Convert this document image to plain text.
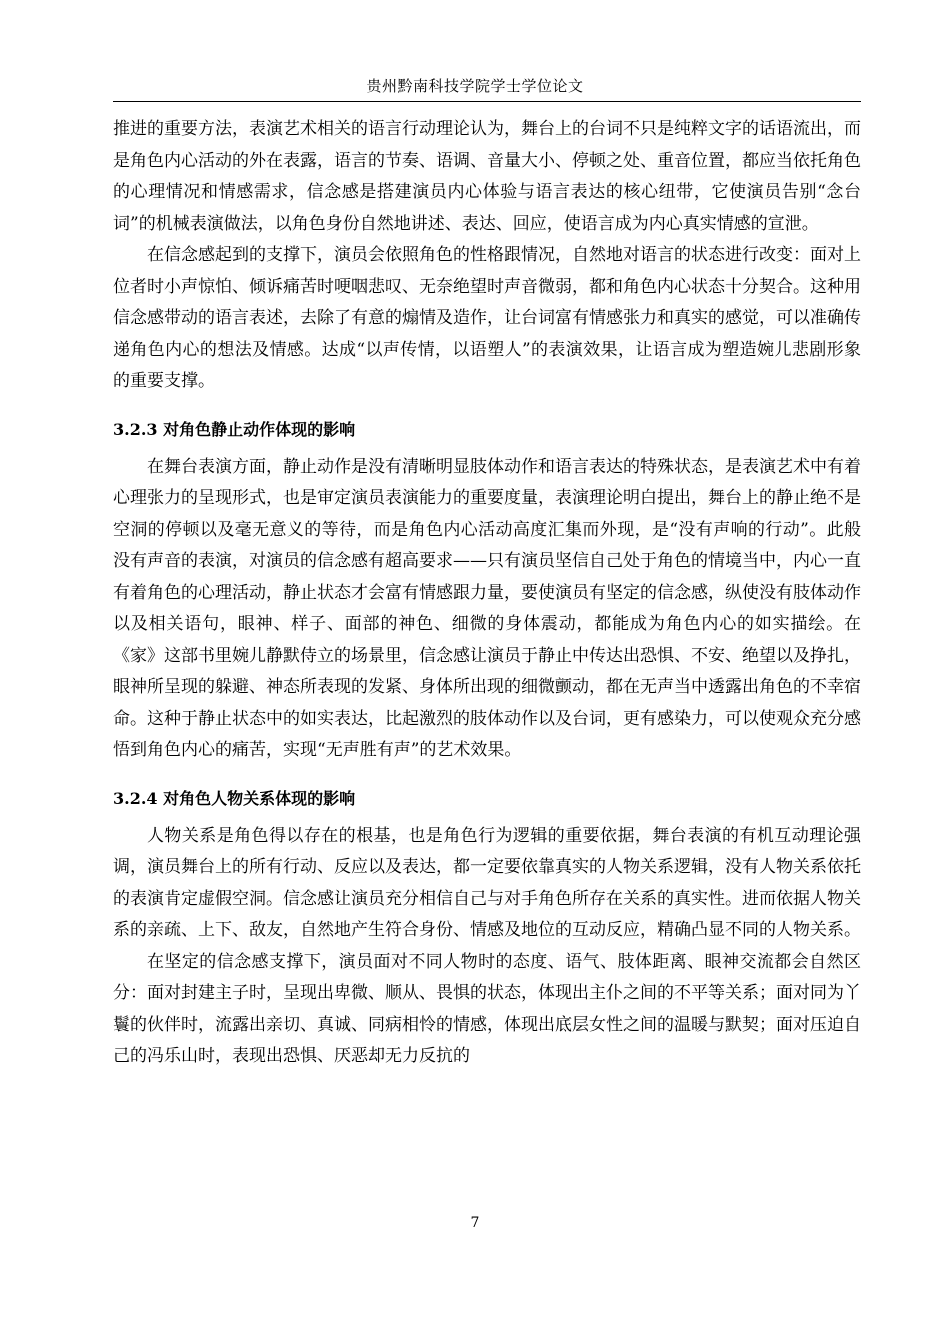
贵州黔南科技学院学士学位论文

推进的重要方法，表演艺术相关的语言行动理论认为，舞台上的台词不只是纯粹文字的话语流出，而是角色内心活动的外在表露，语言的节奏、语调、音量大小、停顿之处、重音位置，都应当依托角色的心理情况和情感需求，信念感是搭建演员内心体验与语言表达的核心纽带，它使演员告别“念台词”的机械表演做法，以角色身份自然地讲述、表达、回应，使语言成为内心真实情感的宣泄。

在信念感起到的支撑下，演员会依照角色的性格跟情况，自然地对语言的状态进行改变：面对上位者时小声惊怕、倾诉痛苦时哽咽悲叹、无奈绝望时声音微弱，都和角色内心状态十分契合。这种用信念感带动的语言表述，去除了有意的煽情及造作，让台词富有情感张力和真实的感觉，可以准确传递角色内心的想法及情感。达成“以声传情，以语塑人”的表演效果，让语言成为塑造婉儿悲剧形象的重要支撑。

3.2.3 对角色静止动作体现的影响

在舞台表演方面，静止动作是没有清晰明显肢体动作和语言表达的特殊状态，是表演艺术中有着心理张力的呈现形式，也是审定演员表演能力的重要度量，表演理论明白提出，舞台上的静止绝不是空洞的停顿以及毫无意义的等待，而是角色内心活动高度汇集而外现，是“没有声响的行动”。此般没有声音的表演，对演员的信念感有超高要求——只有演员坚信自己处于角色的情境当中，内心一直有着角色的心理活动，静止状态才会富有情感跟力量，要使演员有坚定的信念感，纵使没有肢体动作以及相关语句，眼神、样子、面部的神色、细微的身体震动，都能成为角色内心的如实描绘。在《家》这部书里婉儿静默侍立的场景里，信念感让演员于静止中传达出恐惧、不安、绝望以及挣扎，眼神所呈现的躲避、神态所表现的发紧、身体所出现的细微颤动，都在无声当中透露出角色的不幸宿命。这种于静止状态中的如实表达，比起激烈的肢体动作以及台词，更有感染力，可以使观众充分感悟到角色内心的痛苦，实现“无声胜有声”的艺术效果。

3.2.4 对角色人物关系体现的影响

人物关系是角色得以存在的根基，也是角色行为逻辑的重要依据，舞台表演的有机互动理论强调，演员舞台上的所有行动、反应以及表达，都一定要依靠真实的人物关系逻辑，没有人物关系依托的表演肯定虚假空洞。信念感让演员充分相信自己与对手角色所存在关系的真实性。进而依据人物关系的亲疏、上下、敌友，自然地产生符合身份、情感及地位的互动反应，精确凸显不同的人物关系。

在坚定的信念感支撑下，演员面对不同人物时的态度、语气、肢体距离、眼神交流都会自然区分：面对封建主子时，呈现出卑微、顺从、畏惧的状态，体现出主仆之间的不平等关系；面对同为丫鬟的伙伴时，流露出亲切、真诚、同病相怜的情感，体现出底层女性之间的温暖与默契；面对压迫自己的冯乐山时，表现出恐惧、厌恶却无力反抗的

7
